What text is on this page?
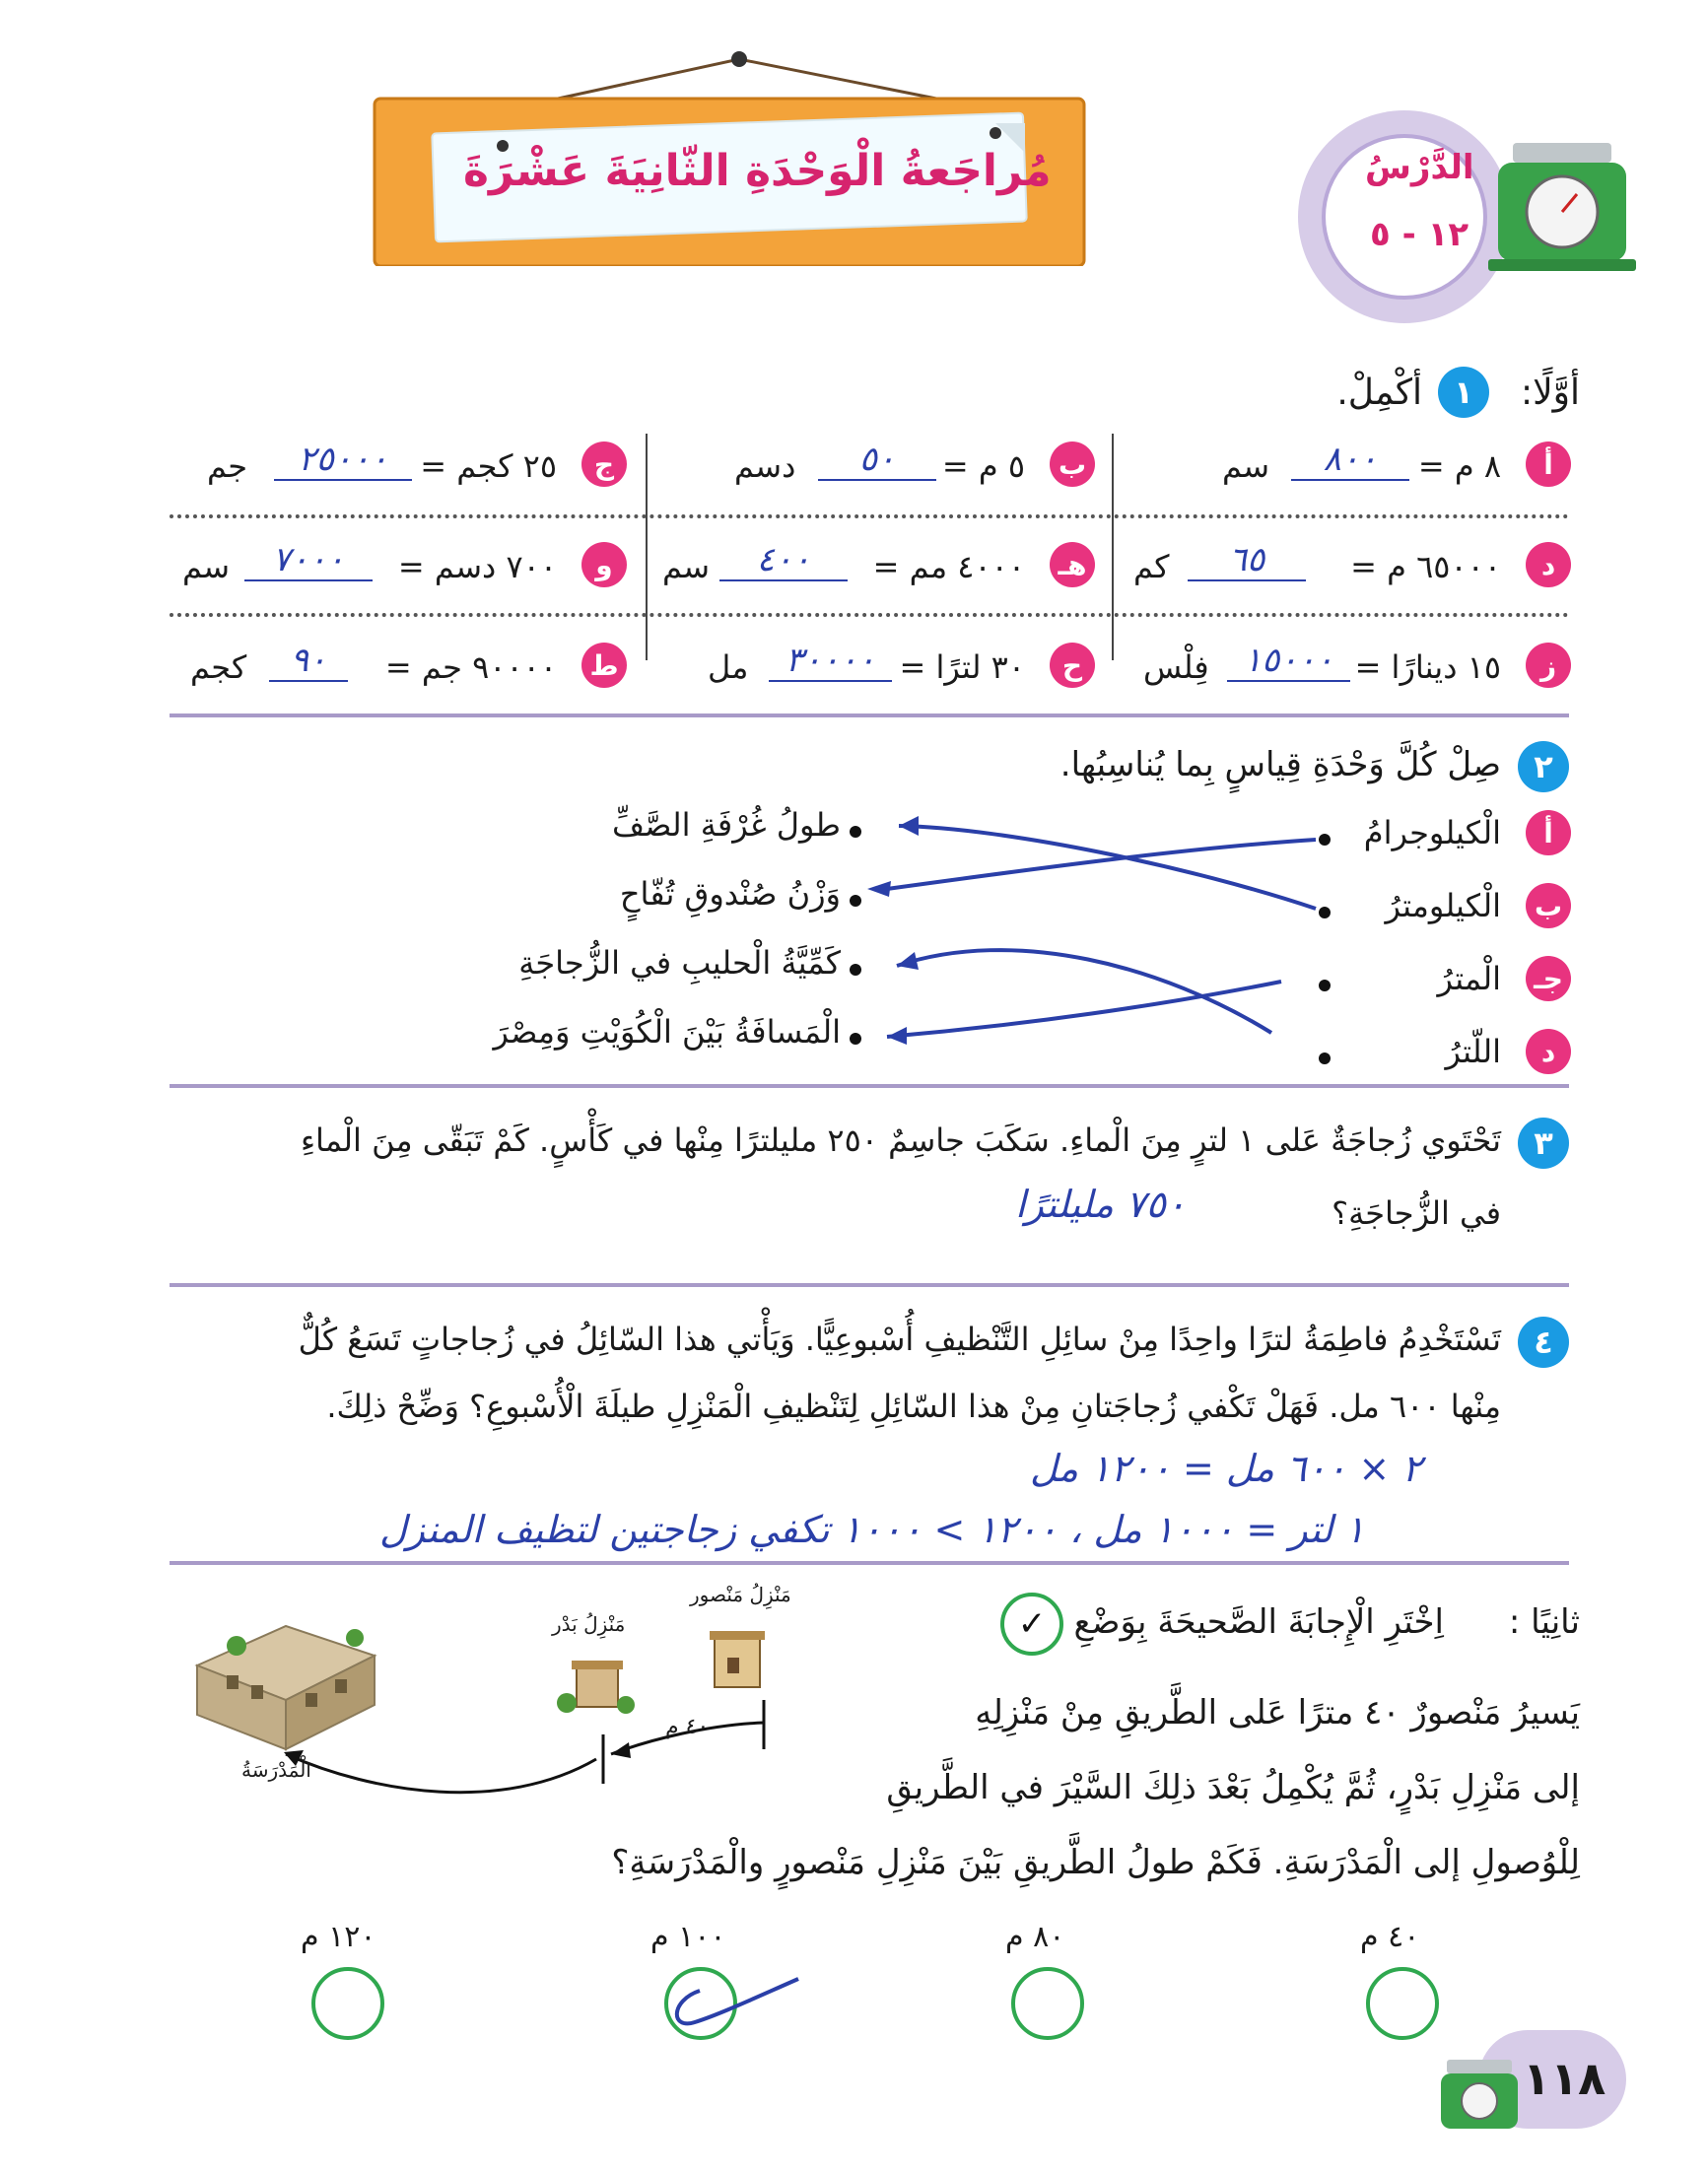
مُراجَعةُ الْوَحْدَةِ الثّانِيَةَ عَشْرَةَ	الدَّرْسُ
١٢ - ٥
أوَّلًا:
١
أكْمِلْ.
أ
٨ م =
٨٠٠
سم
ب
٥ م =
٥٠
دسم
ج
٢٥ كجم =
٢٥٠٠٠
جم
د
٦٥٠٠٠ م =
٦٥
كم
هـ
٤٠٠٠ مم =
٤٠٠
سم
و
٧٠٠ دسم =
٧٠٠٠
سم
ز
١٥ دينارًا =
١٥٠٠٠
فِلْس
ح
٣٠ لترًا =
٣٠٠٠٠
مل
ط
٩٠٠٠٠ جم =
٩٠
كجم
٢
صِلْ كُلَّ وَحْدَةِ قِياسٍ بِما يُناسِبُها.
أ
الْكيلوجرامُ
ب
الْكيلومترُ
جـ
الْمترُ
د
اللّترُ
طولُ غُرْفَةِ الصَّفِّ
وَزْنُ صُنْدوقِ تُفّاحٍ
كَمِّيَّةُ الْحليبِ في الزُّجاجَةِ
الْمَسافَةُ بَيْنَ الْكُوَيْتِ وَمِصْرَ
٣
تَحْتَوي زُجاجَةٌ عَلى ١ لترٍ مِنَ الْماءِ. سَكَبَ جاسِمٌ ٢٥٠ مليلترًا مِنْها في كَأْسٍ. كَمْ تَبَقّى مِنَ الْماءِ
في الزُّجاجَةِ؟
٧٥٠ مليلترًا
٤
تَسْتَخْدِمُ فاطِمَةُ لترًا واحِدًا مِنْ سائِلِ التَّنْظيفِ أُسْبوعِيًّا. وَيَأْتي هذا السّائِلُ في زُجاجاتٍ تَسَعُ كُلٌّ
مِنْها ٦٠٠ مل. فَهَلْ تَكْفي زُجاجَتانِ مِنْ هذا السّائِلِ لِتَنْظيفِ الْمَنْزِلِ طيلَةَ الْأُسْبوعِ؟ وَضِّحْ ذلِكَ.
٢ × ٦٠٠ مل = ١٢٠٠ مل
١ لتر = ١٠٠٠ مل ، ١٢٠٠ > ١٠٠٠ تكفي زجاجتين لتظيف المنزل
ثانِيًا :
اِخْتَرِ الْإِجابَةَ الصَّحيحَةَ بِوَضْعِ
✓
يَسيرُ مَنْصورٌ ٤٠ مترًا عَلى الطَّريقِ مِنْ مَنْزِلِهِ
إلى مَنْزِلِ بَدْرٍ، ثُمَّ يُكْمِلُ بَعْدَ ذلِكَ السَّيْرَ في الطَّريقِ
لِلْوُصولِ إلى الْمَدْرَسَةِ. فَكَمْ طولُ الطَّريقِ بَيْنَ مَنْزِلِ مَنْصورٍ والْمَدْرَسَةِ؟
مَنْزِلُ مَنْصور
مَنْزِلُ بَدْر
الْمَدْرَسَةُ
٤٠ م
٤٠ م
٨٠ م
١٠٠ م
١٢٠ م
١١٨
